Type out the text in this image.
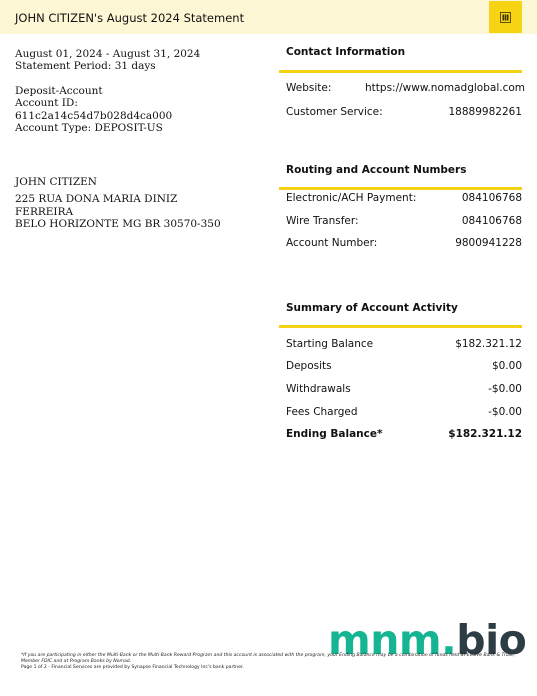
JOHN CITIZEN's August 2024 Statement
August 01, 2024 - August 31, 2024
Statement Period: 31 days
Deposit-Account
Account ID:
611c2a14c54d7b028d4ca000
Account Type: DEPOSIT-US
JOHN CITIZEN
225 RUA DONA MARIA DINIZ
FERREIRA
BELO HORIZONTE MG BR 30570-350
Contact Information
Website:	https://www.nomadglobal.com
Customer Service:	18889982261
Routing and Account Numbers
Electronic/ACH Payment:	084106768
Wire Transfer:	084106768
Account Number:	9800941228
Summary of Account Activity
Starting Balance	$182.321.12
Deposits	$0.00
Withdrawals	-$0.00
Fees Charged	-$0.00
Ending Balance*	$182.321.12
mnm.bio
*If you are participating in either the Multi-Bank or the Multi-Bank Reward Program and this account is associated with the program, your Ending Balance may be a combination of funds held at Evolve Bank & Trust, Member FDIC and at Program Banks by Nomad.
Page 1 of 2 - Financial Services are provided by Synapse Financial Technology Inc's bank partner.
